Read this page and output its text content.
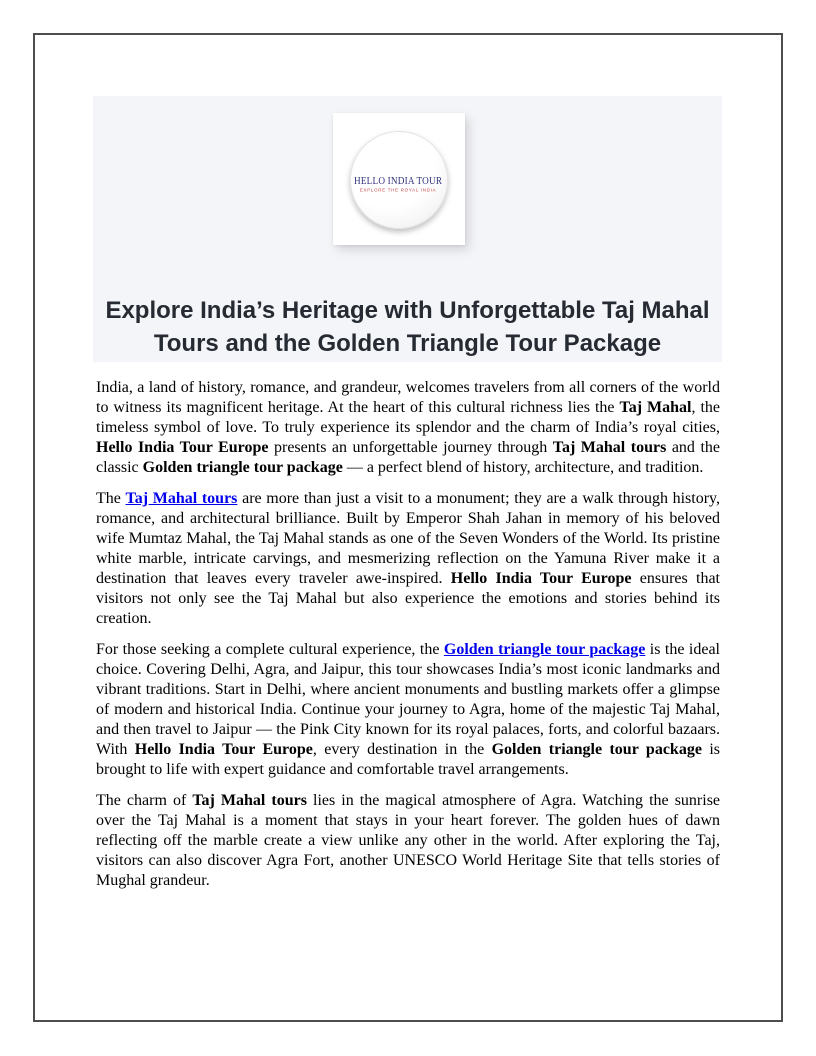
HELLO INDIA TOUR
EXPLORE THE ROYAL INDIA
Explore India’s Heritage with Unforgettable Taj Mahal
Tours and the Golden Triangle Tour Package

India, a land of history, romance, and grandeur, welcomes travelers from all corners of the world to witness its magnificent heritage. At the heart of this cultural richness lies the Taj Mahal, the timeless symbol of love. To truly experience its splendor and the charm of India’s royal cities, Hello India Tour Europe presents an unforgettable journey through Taj Mahal tours and the classic Golden triangle tour package — a perfect blend of history, architecture, and tradition.

The Taj Mahal tours are more than just a visit to a monument; they are a walk through history, romance, and architectural brilliance. Built by Emperor Shah Jahan in memory of his beloved wife Mumtaz Mahal, the Taj Mahal stands as one of the Seven Wonders of the World. Its pristine white marble, intricate carvings, and mesmerizing reflection on the Yamuna River make it a destination that leaves every traveler awe-inspired. Hello India Tour Europe ensures that visitors not only see the Taj Mahal but also experience the emotions and stories behind its creation.

For those seeking a complete cultural experience, the Golden triangle tour package is the ideal choice. Covering Delhi, Agra, and Jaipur, this tour showcases India’s most iconic landmarks and vibrant traditions. Start in Delhi, where ancient monuments and bustling markets offer a glimpse of modern and historical India. Continue your journey to Agra, home of the majestic Taj Mahal, and then travel to Jaipur — the Pink City known for its royal palaces, forts, and colorful bazaars. With Hello India Tour Europe, every destination in the Golden triangle tour package is brought to life with expert guidance and comfortable travel arrangements.

The charm of Taj Mahal tours lies in the magical atmosphere of Agra. Watching the sunrise over the Taj Mahal is a moment that stays in your heart forever. The golden hues of dawn reflecting off the marble create a view unlike any other in the world. After exploring the Taj, visitors can also discover Agra Fort, another UNESCO World Heritage Site that tells stories of Mughal grandeur.
